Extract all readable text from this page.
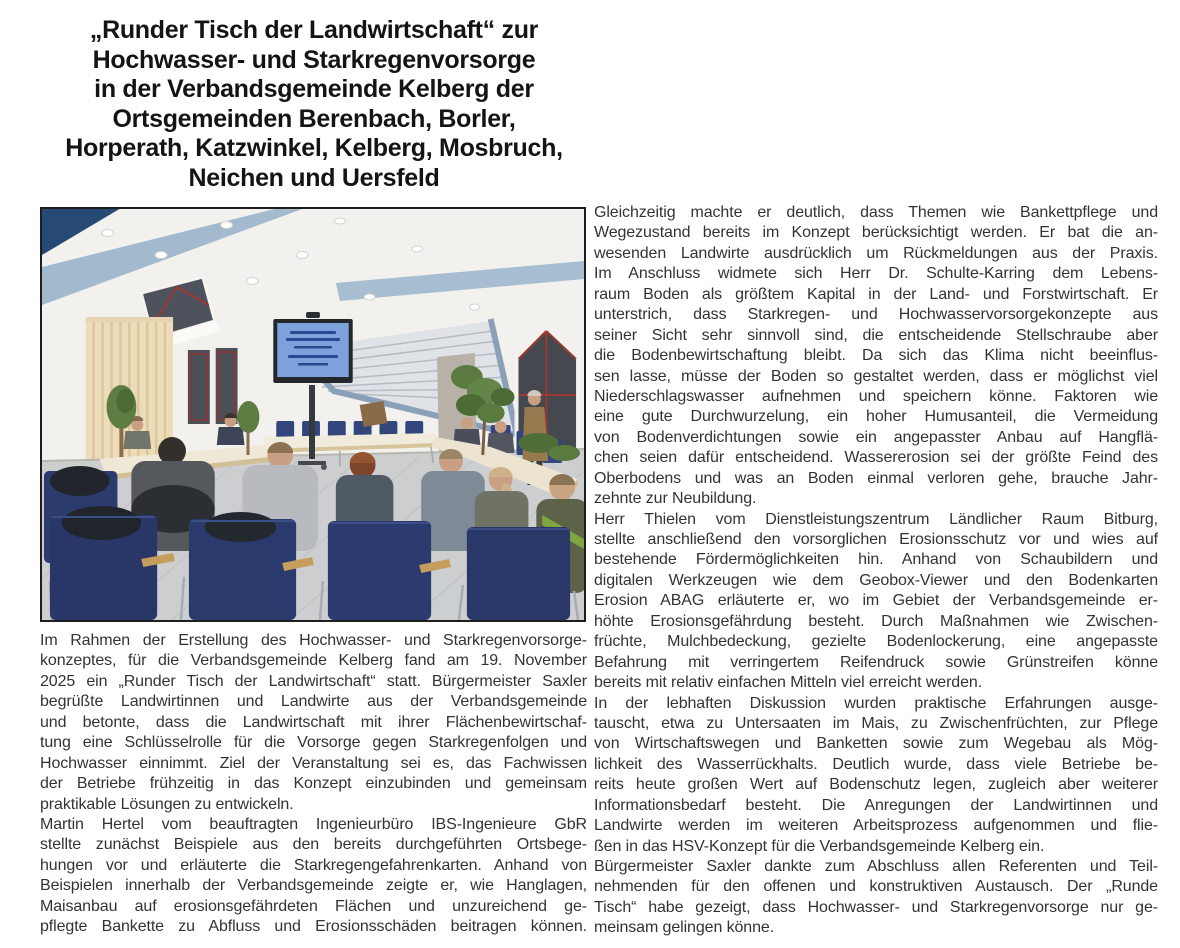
„Runder Tisch der Landwirtschaft“ zur
Hochwasser- und Starkregenvorsorge
in der Verbandsgemeinde Kelberg der
Ortsgemeinden Berenbach, Borler,
Horperath, Katzwinkel, Kelberg, Mosbruch,
Neichen und Uersfeld
Im Rahmen der Erstellung des Hochwasser- und Starkregenvorsorge-
konzeptes, für die Verbandsgemeinde Kelberg fand am 19. November
2025 ein „Runder Tisch der Landwirtschaft“ statt. Bürgermeister Saxler
begrüßte Landwirtinnen und Landwirte aus der Verbandsgemeinde
und betonte, dass die Landwirtschaft mit ihrer Flächenbewirtschaf-
tung eine Schlüsselrolle für die Vorsorge gegen Starkregenfolgen und
Hochwasser einnimmt. Ziel der Veranstaltung sei es, das Fachwissen
der Betriebe frühzeitig in das Konzept einzubinden und gemeinsam
praktikable Lösungen zu entwickeln.
Martin Hertel vom beauftragten Ingenieurbüro IBS-Ingenieure GbR
stellte zunächst Beispiele aus den bereits durchgeführten Ortsbege-
hungen vor und erläuterte die Starkregengefahrenkarten. Anhand von
Beispielen innerhalb der Verbandsgemeinde zeigte er, wie Hanglagen,
Maisanbau auf erosionsgefährdeten Flächen und unzureichend ge-
pflegte Bankette zu Abfluss und Erosionsschäden beitragen können.
Gleichzeitig machte er deutlich, dass Themen wie Bankettpflege und
Wegezustand bereits im Konzept berücksichtigt werden. Er bat die an-
wesenden Landwirte ausdrücklich um Rückmeldungen aus der Praxis.
Im Anschluss widmete sich Herr Dr. Schulte-Karring dem Lebens-
raum Boden als größtem Kapital in der Land- und Forstwirtschaft. Er
unterstrich, dass Starkregen- und Hochwasservorsorgekonzepte aus
seiner Sicht sehr sinnvoll sind, die entscheidende Stellschraube aber
die Bodenbewirtschaftung bleibt. Da sich das Klima nicht beeinflus-
sen lasse, müsse der Boden so gestaltet werden, dass er möglichst viel
Niederschlagswasser aufnehmen und speichern könne. Faktoren wie
eine gute Durchwurzelung, ein hoher Humusanteil, die Vermeidung
von Bodenverdichtungen sowie ein angepasster Anbau auf Hangflä-
chen seien dafür entscheidend. Wassererosion sei der größte Feind des
Oberbodens und was an Boden einmal verloren gehe, brauche Jahr-
zehnte zur Neubildung.
Herr Thielen vom Dienstleistungszentrum Ländlicher Raum Bitburg,
stellte anschließend den vorsorglichen Erosionsschutz vor und wies auf
bestehende Fördermöglichkeiten hin. Anhand von Schaubildern und
digitalen Werkzeugen wie dem Geobox-Viewer und den Bodenkarten
Erosion ABAG erläuterte er, wo im Gebiet der Verbandsgemeinde er-
höhte Erosionsgefährdung besteht. Durch Maßnahmen wie Zwischen-
früchte, Mulchbedeckung, gezielte Bodenlockerung, eine angepasste
Befahrung mit verringertem Reifendruck sowie Grünstreifen könne
bereits mit relativ einfachen Mitteln viel erreicht werden.
In der lebhaften Diskussion wurden praktische Erfahrungen ausge-
tauscht, etwa zu Untersaaten im Mais, zu Zwischenfrüchten, zur Pflege
von Wirtschaftswegen und Banketten sowie zum Wegebau als Mög-
lichkeit des Wasserrückhalts. Deutlich wurde, dass viele Betriebe be-
reits heute großen Wert auf Bodenschutz legen, zugleich aber weiterer
Informationsbedarf besteht. Die Anregungen der Landwirtinnen und
Landwirte werden im weiteren Arbeitsprozess aufgenommen und flie-
ßen in das HSV-Konzept für die Verbandsgemeinde Kelberg ein.
Bürgermeister Saxler dankte zum Abschluss allen Referenten und Teil-
nehmenden für den offenen und konstruktiven Austausch. Der „Runde
Tisch“ habe gezeigt, dass Hochwasser- und Starkregenvorsorge nur ge-
meinsam gelingen könne.
